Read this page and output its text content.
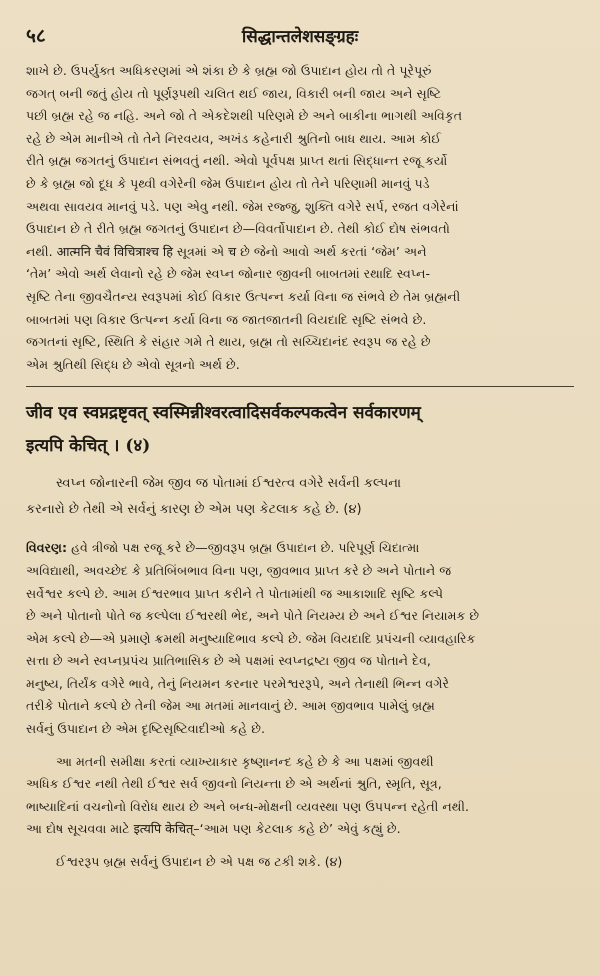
५८	सिद्धान्तलेशसङ्ग्रहः

શાખે છે. ઉપર્યુક્ત અધિકરણમાં એ શંકા છે કે બ્રહ્મ જો ઉપાદાન હોય તો તે પૂરેપૂરું

જગત્ બની જતું હોય તો પૂર્ણરૂપથી ચલિત થઈ જાય, વિકારી બની જાય અને સૃષ્ટિ

પછી બ્રહ્મ રહે જ નહિ. અને જો તે એકદેશથી પરિણમે છે અને બાકીના ભાગથી અવિકૃત

રહે છે એમ માનીએ તો તેને નિરવયવ, અખંડ કહેનારી શ્રુતિનો બાધ થાય. આમ કોઈ

રીતે બ્રહ્મ જગતનું ઉપાદાન સંભવતું નથી. એવો પૂર્વપક્ષ પ્રાપ્ત થતાં સિદ્ધાન્ત રજૂ કર્યો

છે કે બ્રહ્મ જો દૂધ કે પૃથ્વી વગેરેની જેમ ઉપાદાન હોય તો તેને પરિણામી માનવું પડે

અથવા સાવયવ માનવું પડે. પણ એવુ નથી. જેમ રજ્જુ, શુક્તિ વગેરે સર્પ, રજત વગેરેનાં

ઉપાદાન છે તે રીતે બ્રહ્મ જગતનું ઉપાદાન છે—વિવર્તોપાદાન છે. તેથી કોઈ દોષ સંભવતો

નથી. आत्मनि चैवं विचित्राश्च हि સૂત્રમાં એ च છે જેનો આવો અર્થ કરતાં ‘જેમ’ અને

‘તેમ’ એવો અર્થ લેવાનો રહે છે જેમ સ્વપ્ન જોનાર જીવની બાબતમાં રથાદિ સ્વપ્ન-

સૃષ્ટિ તેના જીવચૈતન્ય સ્વરૂપમાં કોઈ વિકાર ઉત્પન્ન કર્યા વિના જ સંભવે છે તેમ બ્રહ્મની

બાબતમાં પણ વિકાર ઉત્પન્ન કર્યા વિના જ જાતજાતની વિયદાદિ સૃષ્ટિ સંભવે છે.

જગતનાં સૃષ્ટિ, સ્થિતિ કે સંહાર ગમે તે થાય, બ્રહ્મ તો સચ્ચિદાનંદ સ્વરૂપ જ રહે છે

એમ શ્રુતિથી સિદ્ધ છે એવો સૂત્રનો અર્થ છે.

जीव एव स्वप्नद्रष्टृवत् स्वस्मिन्नीश्वरत्वादिसर्वकल्पकत्वेन सर्वकारणम्
इत्यपि केचित् । (४)

સ્વપ્ન જોનારની જેમ જીવ જ પોતામાં ઈશ્વરત્વ વગેરે સર્વની કલ્પના

કરનારો છે તેથી એ સર્વનું કારણ છે એમ પણ કેટલાક કહે છે. (૪)

વિવરણ: હવે ત્રીજો પક્ષ રજૂ કરે છે—જીવરૂપ બ્રહ્મ ઉપાદાન છે. પરિપૂર્ણ ચિદાત્મા

અવિદ્યાથી, અવચ્છેદ કે પ્રતિબિંબભાવ વિના પણ, જીવભાવ પ્રાપ્ત કરે છે અને પોતાને જ

સર્વેશ્વર કલ્પે છે. આમ ઈશ્વરભાવ પ્રાપ્ત કરીને તે પોતામાંથી જ આકાશાદિ સૃષ્ટિ કલ્પે

છે અને પોતાનો પોતે જ કલ્પેલા ઈશ્વરથી ભેદ, અને પોતે નિયમ્ય છે અને ઈશ્વર નિયામક છે

એમ કલ્પે છે—એ પ્રમાણે ક્રમથી મનુષ્યાદિભાવ કલ્પે છે. જેમ વિયદાદિ પ્રપંચની વ્યાવહારિક

સત્તા છે અને સ્વપ્નપ્રપંચ પ્રાતિભાસિક છે એ પક્ષમાં સ્વપ્નદ્રષ્ટા જીવ જ પોતાને દેવ,

મનુષ્ય, તિર્યંક વગેરે ભાવે, તેનું નિયમન કરનાર પરમેશ્વરરૂપે, અને તેનાથી ભિન્ન વગેરે

તરીકે પોતાને કલ્પે છે તેની જેમ આ મતમાં માનવાનું છે. આમ જીવભાવ પામેલું બ્રહ્મ

સર્વનું ઉપાદાન છે એમ દૃષ્ટિસૃષ્ટિવાદીઓ કહે છે.

આ મતની સમીક્ષા કરતાં વ્યાખ્યાકાર કૃષ્ણાનન્દ કહે છે કે આ પક્ષમાં જીવથી

અધિક ઈશ્વર નથી તેથી ઈશ્વર સર્વ જીવનો નિયન્તા છે એ અર્થનાં શ્રુતિ, સ્મૃતિ, સૂત્ર,

ભાષ્યાદિનાં વચનોનો વિરોધ થાય છે અને બન્ધ-મોક્ષની વ્યવસ્થા પણ ઉપપન્ન રહેતી નથી.

આ દોષ સૂચવવા માટે इत्यपि केचित्–‘આમ પણ કેટલાક કહે છે’ એવું કહ્યું છે.

ઈશ્વરરૂપ બ્રહ્મ સર્વનું ઉપાદાન છે એ પક્ષ જ ટકી શકે. (૪)
